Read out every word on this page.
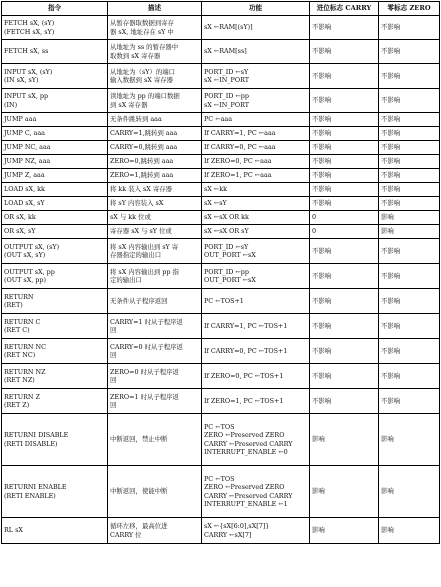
指令	描述	功能	进位标志 CARRY	零标志 ZERO

FETCH sX, (sY)
(FETCH sX, sY)	从暂存器取数据到寄存
器 sX, 地址存在 sY 中	sX ←RAM[(sY)]	不影响	不影响

FETCH sX, ss	从地址为 ss 的暂存器中
取数到 sX 寄存器	sX ←RAM[ss]	不影响	不影响

INPUT sX, (sY)
(IN sX, sY)	从地址为（sY）的端口
输入数据到 sX 寄存器	PORT_ID ←sY
sX ←IN_PORT	不影响	不影响

INPUT sX, pp
(IN)	读地址为 pp 的端口数据
到 sX 寄存器	PORT_ID ←pp
sX ←IN_PORT	不影响	不影响

JUMP aaa	无条件跳转到 aaa	PC ←aaa	不影响	不影响

JUMP C, aaa	CARRY=1,跳转到 aaa	If CARRY=1, PC ←aaa	不影响	不影响

JUMP NC, aaa	CARRY=0,跳转到 aaa	If CARRY=0, PC ←aaa	不影响	不影响

JUMP NZ, aaa	ZERO=0,跳转到 aaa	If ZERO=0, PC ←aaa	不影响	不影响

JUMP Z, aaa	ZERO=1,跳转到 aaa	If ZERO=1, PC ←aaa	不影响	不影响

LOAD sX, kk	将 kk 装入 sX 寄存器	sX ←kk	不影响	不影响

LOAD sX, sY	将 sY 内容装入 sX	sX ←sY	不影响	不影响

OR sX, kk	sX 与 kk 位或	sX ←sX OR kk	0	影响

OR sX, sY	寄存器 sX 与 sY 位或	sX ←sX OR sY	0	影响

OUTPUT sX, (sY)
(OUT sX, sY)	将 sX 内容输出到 sY 寄
存器指定的输出口	PORT_ID ←sY
OUT_PORT ←sX	不影响	不影响

OUTPUT sX, pp
(OUT sX, pp)	将 sX 内容输出到 pp 指
定的输出口	PORT_ID ←pp
OUT_PORT ←sX	不影响	不影响

RETURN
(RET)	无条件从子程序返回	PC ←TOS+1	不影响	不影响

RETURN C
(RET C)	CARRY=1 时从子程序返
回	If CARRY=1, PC ←TOS+1	不影响	不影响

RETURN NC
(RET NC)	CARRY=0 时从子程序返
回	If CARRY=0, PC ←TOS+1	不影响	不影响

RETURN NZ
(RET NZ)	ZERO=0 时从子程序返
回	If ZERO=0, PC ←TOS+1	不影响	不影响

RETURN Z
(RET Z)	ZERO=1 时从子程序返
回	If ZERO=1, PC ←TOS+1	不影响	不影响

RETURNI DISABLE
(RETI DISABLE)	中断返回，禁止中断	PC ←TOS
ZERO ←Preserved ZERO
CARRY ←Preserved CARRY
INTERRUPT_ENABLE ←0	影响	影响

RETURNI ENABLE
(RETI ENABLE)	中断返回，使能中断	PC ←TOS
ZERO ←Preserved ZERO
CARRY ←Preserved CARRY
INTERRUPT_ENABLE ←1	影响	影响

RL sX	循环左移，最高位进
CARRY 位	sX ←{sX[6:0],sX[7]}
CARRY ←sX[7]	影响	影响
